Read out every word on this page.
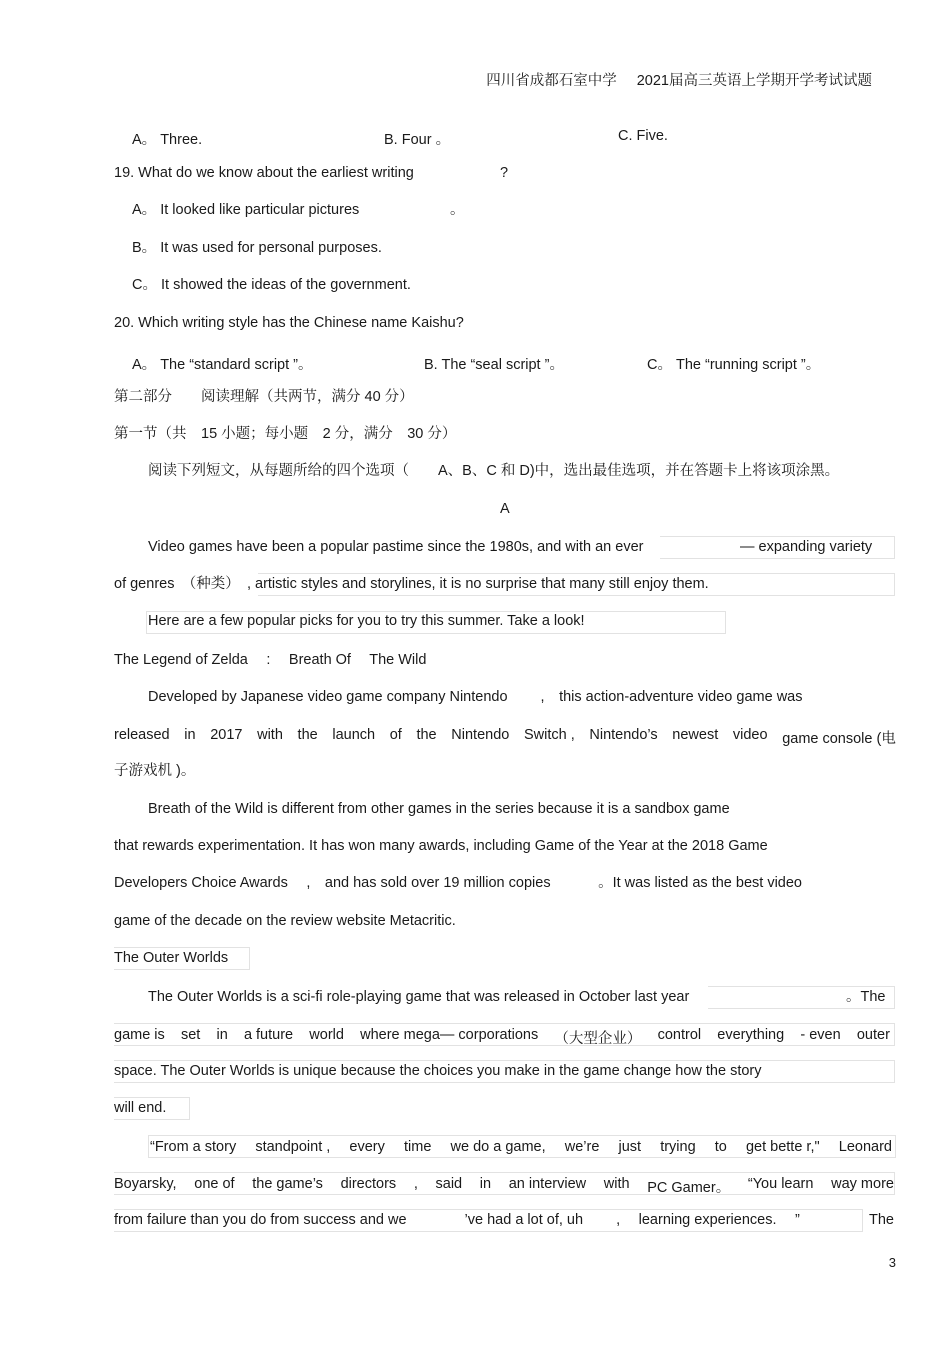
四川省成都石室中学 2021届高三英语上学期开学考试试题
A。 Three.	B. Four 。	C. Five.
19. What do we know about the earliest writing	?
A。 It looked like particular pictures	。
B。 It was used for personal purposes.
C。 It showed the ideas of the government.
20. Which writing style has the Chinese name Kaishu?
A。 The “standard script ”。	B. The “seal script ”。	C。 The “running script ”。
第二部分　　阅读理解（共两节，满分 40 分）
第一节（共　15 小题；每小题　2 分，满分　30 分）
阅读下列短文，从每题所给的四个选项（　　A、B、C 和 D)中，选出最佳选项，并在答题卡上将该项涂黑。
A
Video games have been a popular pastime since the 1980s, and with an ever	— expanding variety
of genres　（种类）　, artistic styles and storylines, it is no surprise that many still enjoy them.
Here are a few popular picks for you to try this summer. Take a look!
The Legend of Zelda　 :　 Breath Of　 The Wild
Developed by Japanese video game company Nintendo　　 ,　this action-adventure video game was
released in 2017 with the launch of the Nintendo Switch , Nintendo’s newest video game console (电
子游戏机 )。
Breath of the Wild is different from other games in the series because it is a sandbox game
that rewards experimentation. It has won many awards, including Game of the Year at the 2018 Game
Developers Choice Awards　 ,　and has sold over 19 million copies　　　 。It was listed as the best video
game of the decade on the review website Metacritic.
The Outer Worlds
The Outer Worlds is a sci-fi role-playing game that was released in October last year	。The
game is set in a future world where mega— corporations （大型企业） control everything - even outer
space. The Outer Worlds is unique because the choices you make in the game change how the story
will end.
“From a story standpoint , every time we do a game, we’re just trying to get bette r," Leonard
Boyarsky, one of the game’s directors , said in an interview with PC Gamer。 “You learn way more
from failure than you do from success and we　　　　’ve had a lot of, uh　　 ,　 learning experiences.　 ”	The
3
